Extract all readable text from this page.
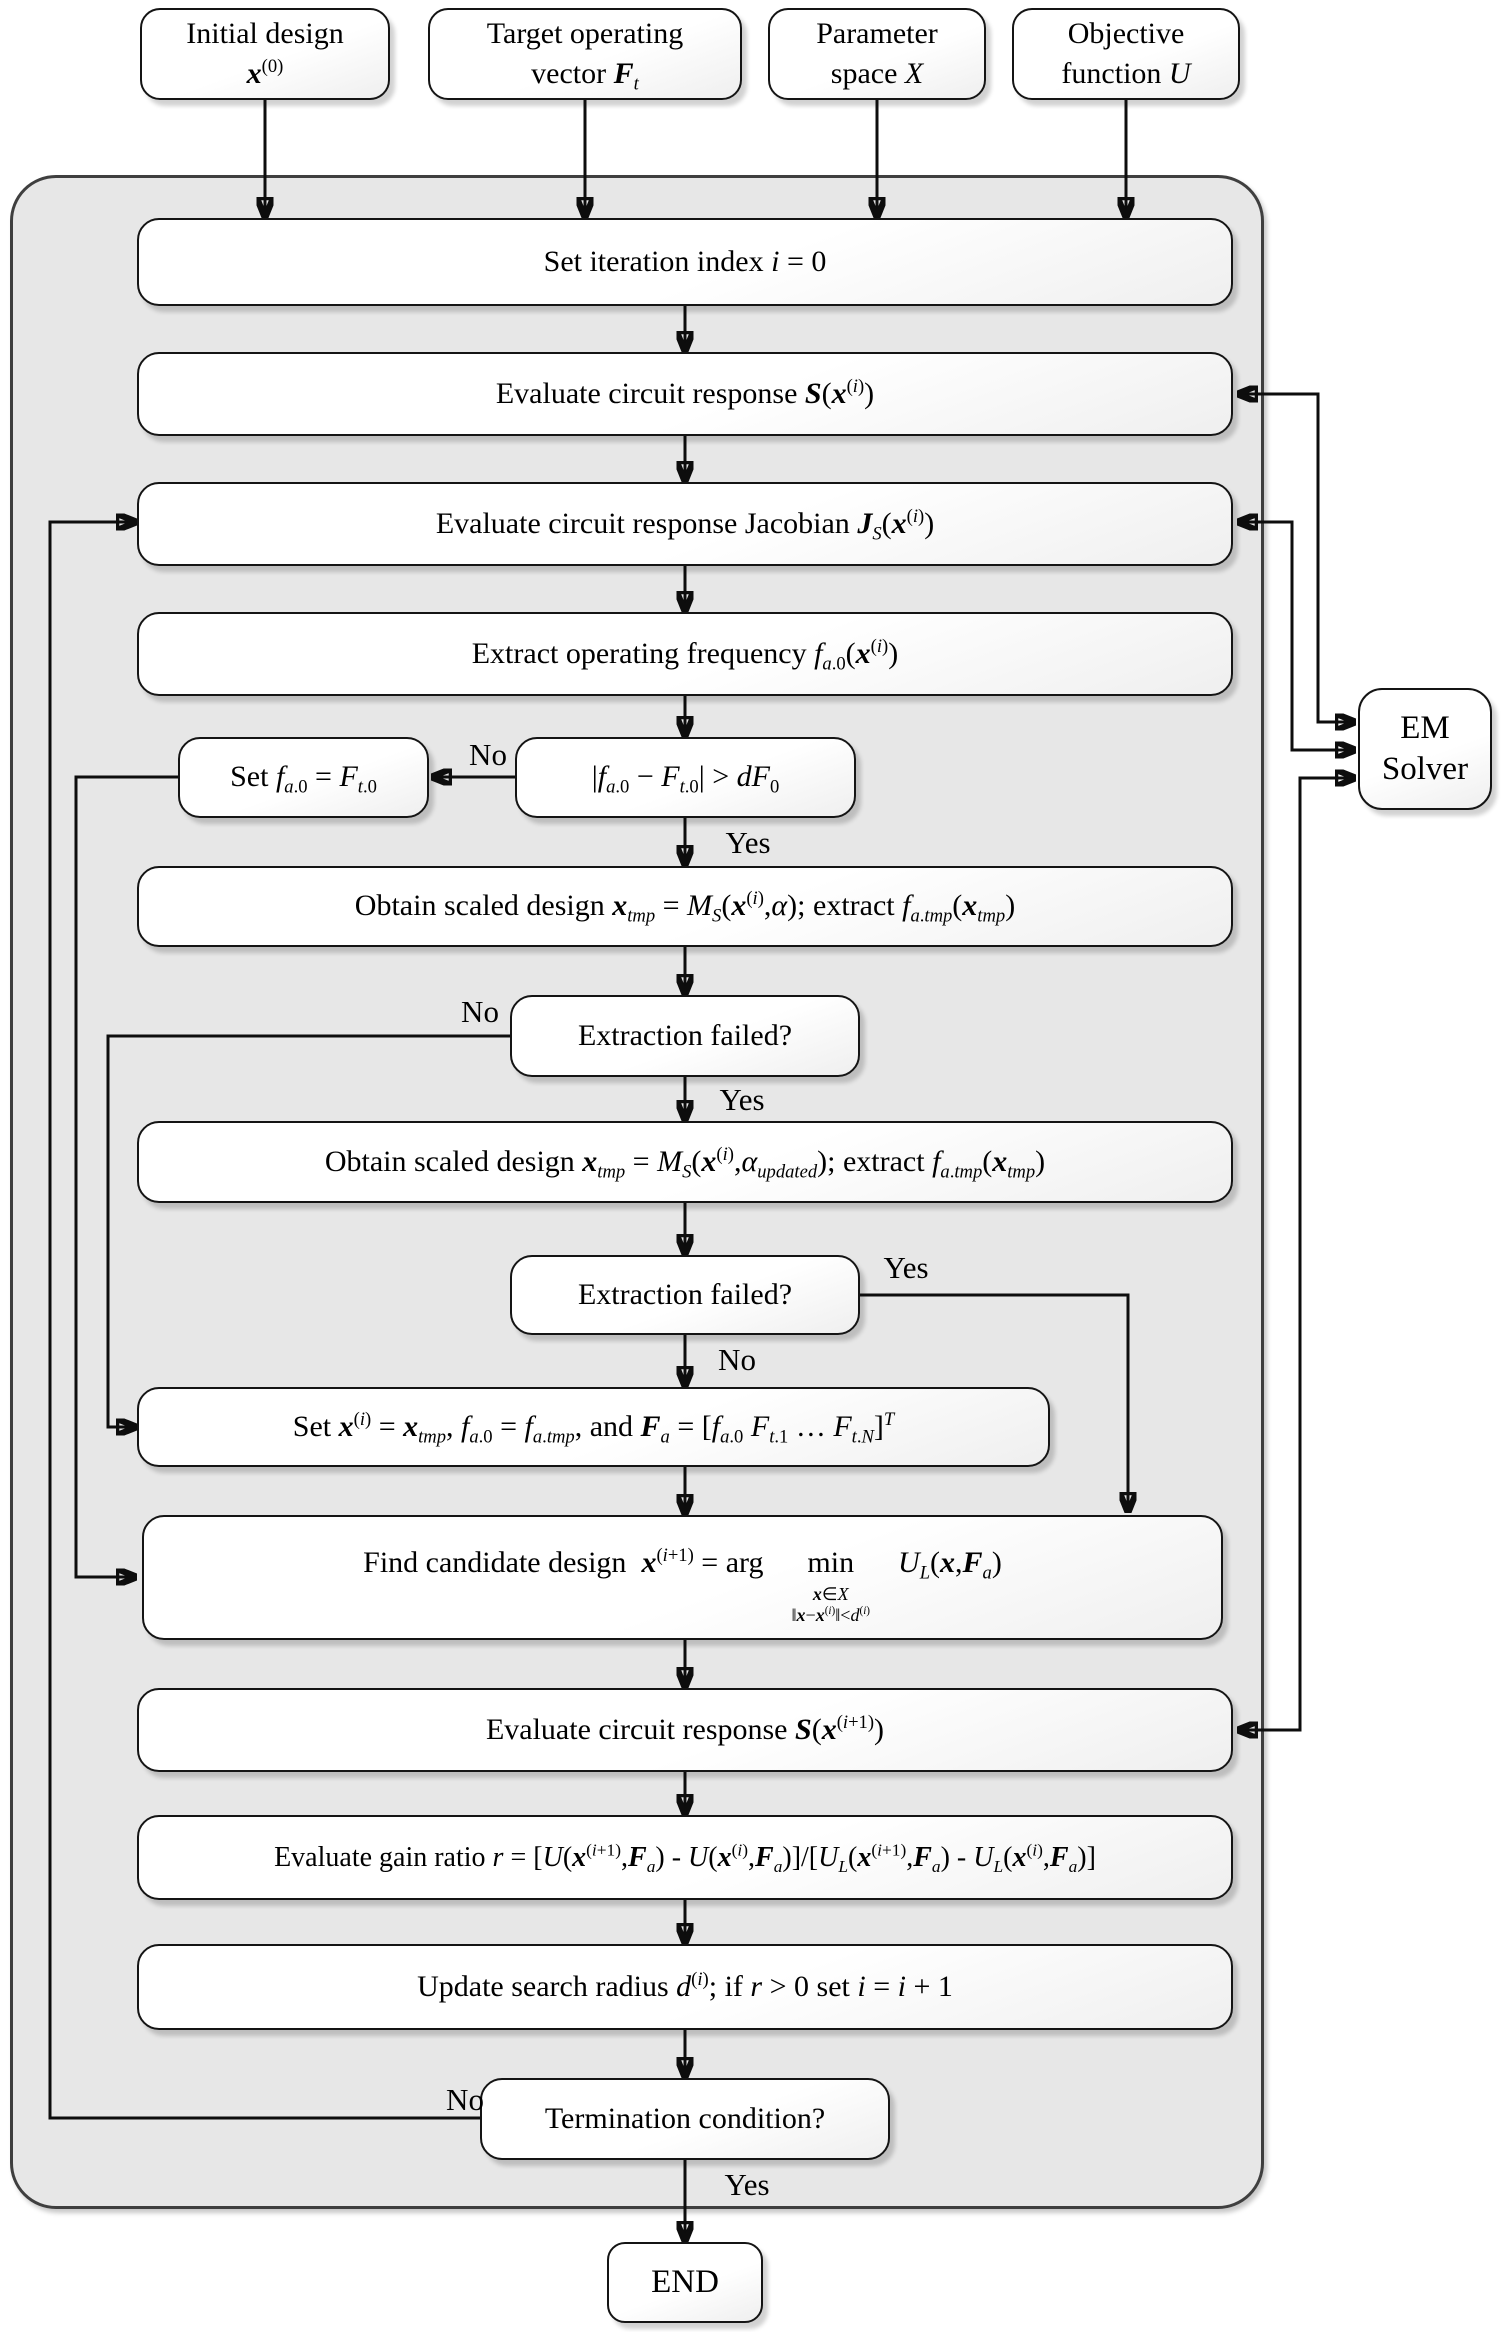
Initial design
$x^{(0)}$
Target operating
vector $F_t$
Parameter
space X
Objective
function U
Set iteration index i = 0
Evaluate circuit response $S(x^{(i)})$
Evaluate circuit response Jacobian $J_S(x^{(i)})$
Extract operating frequency $f_{a.0}(x^{(i)})$
$|f_{a.0} - F_{t.0}| > dF_0$
Set $f_{a.0} = F_{t.0}$
Obtain scaled design $x_{tmp} = M_S(x^{(i)},\alpha)$; extract $f_{a.tmp}(x_{tmp})$
Extraction failed?
Obtain scaled design $x_{tmp} = M_S(x^{(i)},\alpha_{updated})$; extract $f_{a.tmp}(x_{tmp})$
Extraction failed?
Set $x^{(i)} = x_{tmp}$, $f_{a.0} = f_{a.tmp}$, and $F_a = [f_{a.0}$ $F_{t.1}$ … $F_{t.N}]^T$
Find candidate design  $x^{(i+1)}$ = arg min
x∈X
$‖x-x^{(i)}‖<d^{(i)}$
$U_L(x,F_a)$
Evaluate circuit response $S(x^{(i+1)})$
Evaluate gain ratio $r = [U(x^{(i+1)},F_a) - U(x^{(i)},F_a)]/[U_L(x^{(i+1)},F_a) - U_L(x^{(i)},F_a)]$
Update search radius $d^{(i)}$; if r > 0 set i = i + 1
Termination condition?
END
EM
Solver
No
Yes
No
Yes
Yes
No
No
Yes
